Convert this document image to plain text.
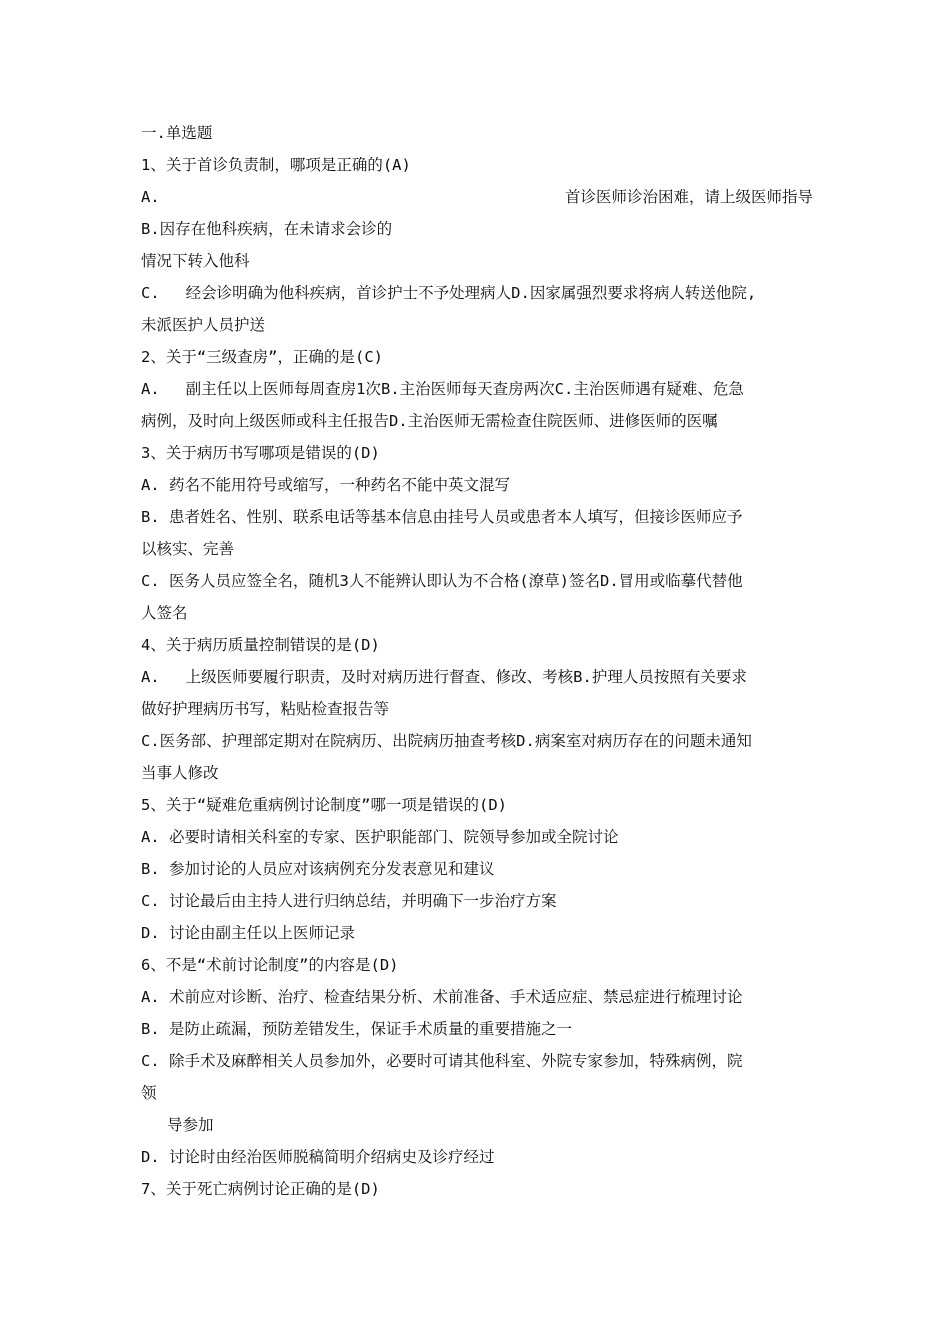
一.单选题
1、关于首诊负责制，哪项是正确的(A)
A.	首诊医师诊治困难，请上级医师指导
B.因存在他科疾病，在未请求会诊的
情况下转入他科
C. 经会诊明确为他科疾病，首诊护士不予处理病人D.因家属强烈要求将病人转送他院,
未派医护人员护送
2、关于“三级查房”，正确的是(C)
A. 副主任以上医师每周查房1次B.主治医师每天查房两次C.主治医师遇有疑难、危急
病例，及时向上级医师或科主任报告D.主治医师无需检查住院医师、进修医师的医嘱
3、关于病历书写哪项是错误的(D)
A. 药名不能用符号或缩写，一种药名不能中英文混写
B. 患者姓名、性别、联系电话等基本信息由挂号人员或患者本人填写，但接诊医师应予
以核实、完善
C. 医务人员应签全名，随机3人不能辨认即认为不合格(潦草)签名D.冒用或临摹代替他
人签名
4、关于病历质量控制错误的是(D)
A. 上级医师要履行职责，及时对病历进行督查、修改、考核B.护理人员按照有关要求
做好护理病历书写，粘贴检查报告等
C.医务部、护理部定期对在院病历、出院病历抽查考核D.病案室对病历存在的问题未通知
当事人修改
5、关于“疑难危重病例讨论制度”哪一项是错误的(D)
A. 必要时请相关科室的专家、医护职能部门、院领导参加或全院讨论
B. 参加讨论的人员应对该病例充分发表意见和建议
C. 讨论最后由主持人进行归纳总结，并明确下一步治疗方案
D. 讨论由副主任以上医师记录
6、不是“术前讨论制度”的内容是(D)
A. 术前应对诊断、治疗、检查结果分析、术前准备、手术适应症、禁忌症进行梳理讨论
B. 是防止疏漏，预防差错发生，保证手术质量的重要措施之一
C. 除手术及麻醉相关人员参加外，必要时可请其他科室、外院专家参加，特殊病例，院
领
导参加
D. 讨论时由经治医师脱稿简明介绍病史及诊疗经过
7、关于死亡病例讨论正确的是(D)
